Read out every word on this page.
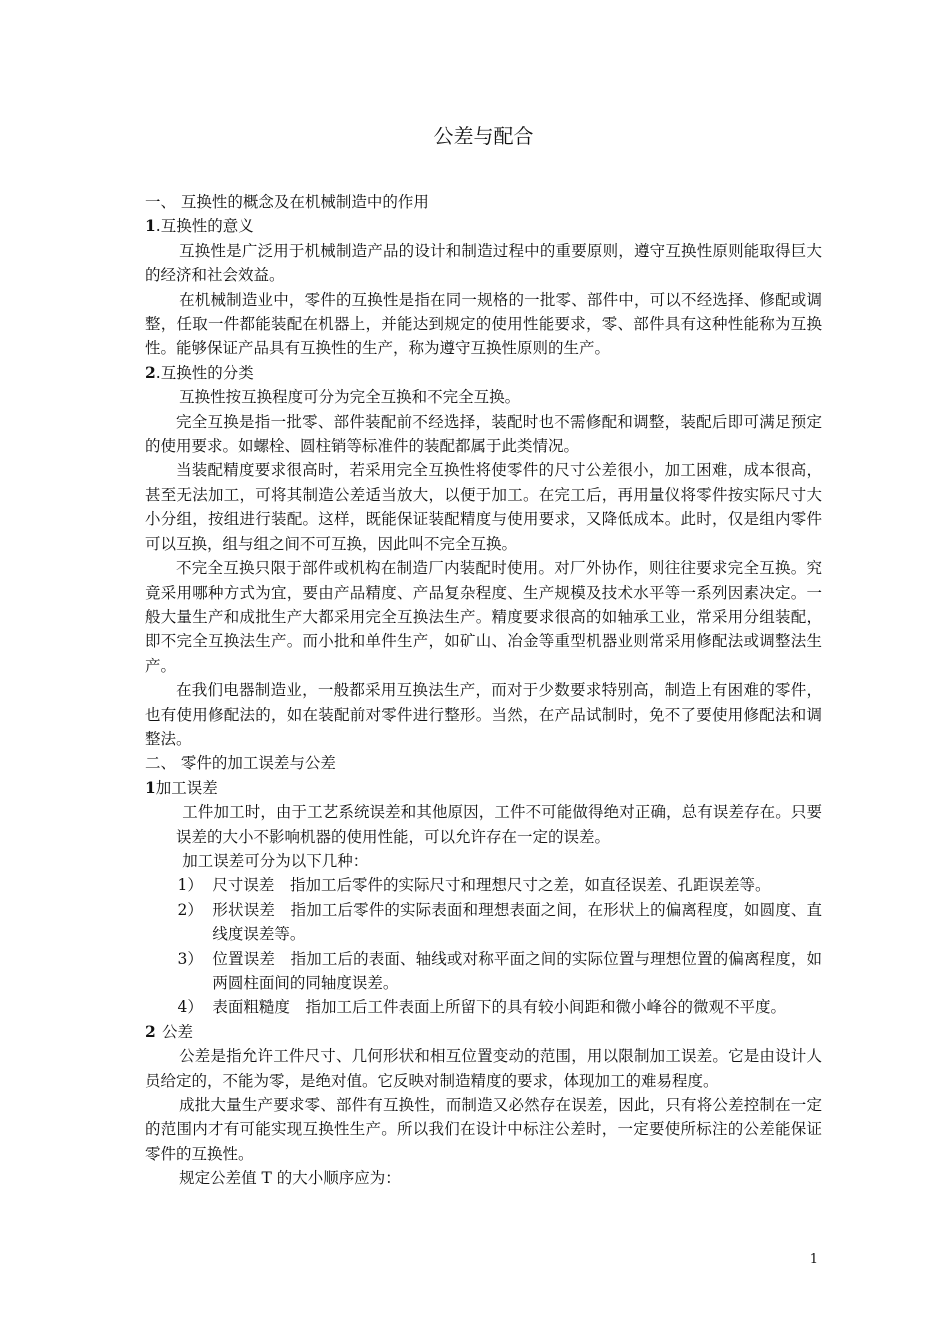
公差与配合
一、 互换性的概念及在机械制造中的作用
1.互换性的意义
互换性是广泛用于机械制造产品的设计和制造过程中的重要原则，遵守互换性原则能取得巨大的经济和社会效益。
在机械制造业中，零件的互换性是指在同一规格的一批零、部件中，可以不经选择、修配或调整，任取一件都能装配在机器上，并能达到规定的使用性能要求，零、部件具有这种性能称为互换性。能够保证产品具有互换性的生产，称为遵守互换性原则的生产。
2.互换性的分类
互换性按互换程度可分为完全互换和不完全互换。
完全互换是指一批零、部件装配前不经选择，装配时也不需修配和调整，装配后即可满足预定的使用要求。如螺栓、圆柱销等标准件的装配都属于此类情况。
当装配精度要求很高时，若采用完全互换性将使零件的尺寸公差很小，加工困难，成本很高，甚至无法加工，可将其制造公差适当放大，以便于加工。在完工后，再用量仪将零件按实际尺寸大小分组，按组进行装配。这样，既能保证装配精度与使用要求，又降低成本。此时，仅是组内零件可以互换，组与组之间不可互换，因此叫不完全互换。
不完全互换只限于部件或机构在制造厂内装配时使用。对厂外协作，则往往要求完全互换。究竟采用哪种方式为宜，要由产品精度、产品复杂程度、生产规模及技术水平等一系列因素决定。一般大量生产和成批生产大都采用完全互换法生产。精度要求很高的如轴承工业，常采用分组装配，即不完全互换法生产。而小批和单件生产，如矿山、冶金等重型机器业则常采用修配法或调整法生产。
在我们电器制造业，一般都采用互换法生产，而对于少数要求特别高，制造上有困难的零件，也有使用修配法的，如在装配前对零件进行整形。当然，在产品试制时，免不了要使用修配法和调整法。
二、 零件的加工误差与公差
1加工误差
工件加工时，由于工艺系统误差和其他原因，工件不可能做得绝对正确，总有误差存在。只要误差的大小不影响机器的使用性能，可以允许存在一定的误差。
加工误差可分为以下几种：
1） 尺寸误差 指加工后零件的实际尺寸和理想尺寸之差，如直径误差、孔距误差等。
2） 形状误差 指加工后零件的实际表面和理想表面之间，在形状上的偏离程度，如圆度、直线度误差等。
3） 位置误差 指加工后的表面、轴线或对称平面之间的实际位置与理想位置的偏离程度，如两圆柱面间的同轴度误差。
4） 表面粗糙度 指加工后工件表面上所留下的具有较小间距和微小峰谷的微观不平度。
2 公差
公差是指允许工件尺寸、几何形状和相互位置变动的范围，用以限制加工误差。它是由设计人员给定的，不能为零，是绝对值。它反映对制造精度的要求，体现加工的难易程度。
成批大量生产要求零、部件有互换性，而制造又必然存在误差，因此，只有将公差控制在一定的范围内才有可能实现互换性生产。所以我们在设计中标注公差时，一定要使所标注的公差能保证零件的互换性。
规定公差值 T 的大小顺序应为：
1
